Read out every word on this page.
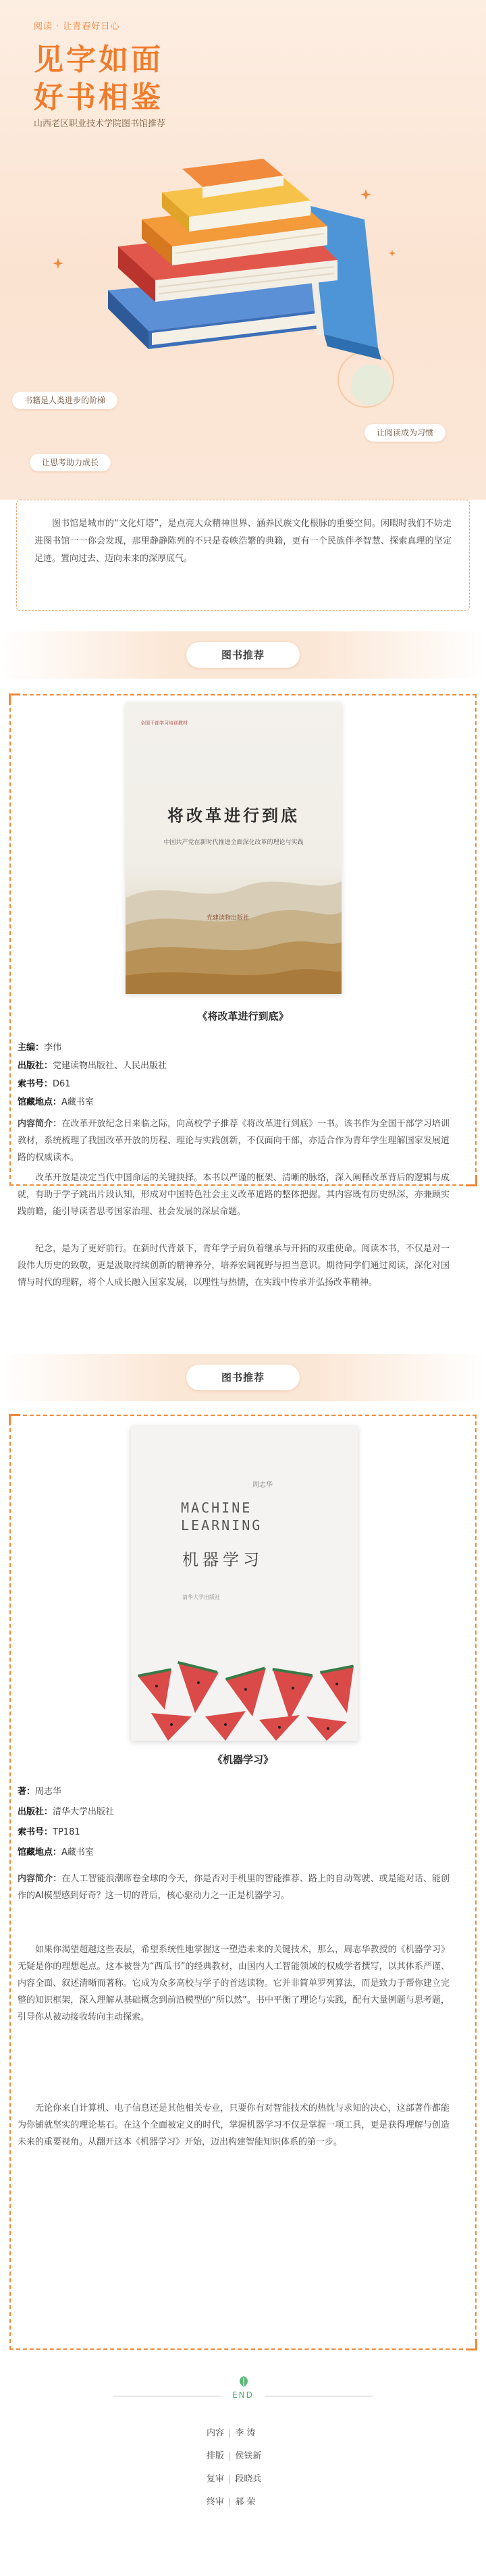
阅读 · 让青春好日心
见字如面
好书相鉴
山西老区职业技术学院图书馆推荐
书籍是人类进步的阶梯
让阅读成为习惯
让思考助力成长
图书馆是城市的“文化灯塔”，是点亮大众精神世界、涵养民族文化根脉的重要空间。闲暇时我们不妨走进图书馆一一你会发现，那里静静陈列的不只是卷帙浩繁的典籍，更有一个民族伴孝智慧、探索真理的坚定足迹。置向过去、迈向未来的深厚底气。
图书推荐
全国干部学习培训教材
将改革进行到底
中国共产党在新时代推进全面深化改革的理论与实践
党建读物出版社
《将改革进行到底》
主编：李伟
出版社：党建读物出版社、人民出版社
索书号：D61
馆藏地点：A藏书室
内容简介：在改革开放纪念日来临之际，向高校学子推荐《将改革进行到底》一书。该书作为全国干部学习培训教材，系统梳理了我国改革开放的历程、理论与实践创新，不仅面向干部，亦适合作为青年学生理解国家发展道路的权威读本。
改革开放是决定当代中国命运的关键抉择。本书以严谨的框架、清晰的脉络，深入阐释改革背后的逻辑与成就，有助于学子跳出片段认知，形成对中国特色社会主义改革道路的整体把握。其内容既有历史纵深，亦兼顾实践前瞻，能引导读者思考国家治理、社会发展的深层命题。
纪念，是为了更好前行。在新时代背景下，青年学子肩负着继承与开拓的双重使命。阅读本书，不仅是对一段伟大历史的致敬，更是汲取持续创新的精神养分，培养宏阔视野与担当意识。期待同学们通过阅读，深化对国情与时代的理解，将个人成长融入国家发展，以理性与热情，在实践中传承并弘扬改革精神。
图书推荐
周志华
MACHINE
LEARNING
机器学习
清华大学出版社
《机器学习》
著：周志华
出版社：清华大学出版社
索书号：TP181
馆藏地点：A藏书室
内容简介：在人工智能浪潮席卷全球的今天，你是否对手机里的智能推荐、路上的自动驾驶、或是能对话、能创作的AI模型感到好奇？这一切的背后，核心驱动力之一正是机器学习。
如果你渴望超越这些表层，希望系统性地掌握这一塑造未来的关键技术，那么，周志华教授的《机器学习》无疑是你的理想起点。这本被誉为“西瓜书”的经典教材，由国内人工智能领域的权威学者撰写，以其体系严谨、内容全面、叙述清晰而著称。它成为众多高校与学子的首选读物。它并非简单罗列算法，而是致力于帮你建立完整的知识框架，深入理解从基础概念到前沿模型的“所以然”。书中平衡了理论与实践，配有大量例题与思考题，引导你从被动接收转向主动探索。
无论你来自计算机、电子信息还是其他相关专业，只要你有对智能技术的热忱与求知的决心，这部著作都能为你铺就坚实的理论基石。在这个全面被定义的时代，掌握机器学习不仅是掌握一项工具，更是获得理解与创造未来的重要视角。从翻开这本《机器学习》开始，迈出构建智能知识体系的第一步。
END
内容 | 李 涛
排版 | 侯铁新
复审 | 段晓兵
终审 | 郝 荣
